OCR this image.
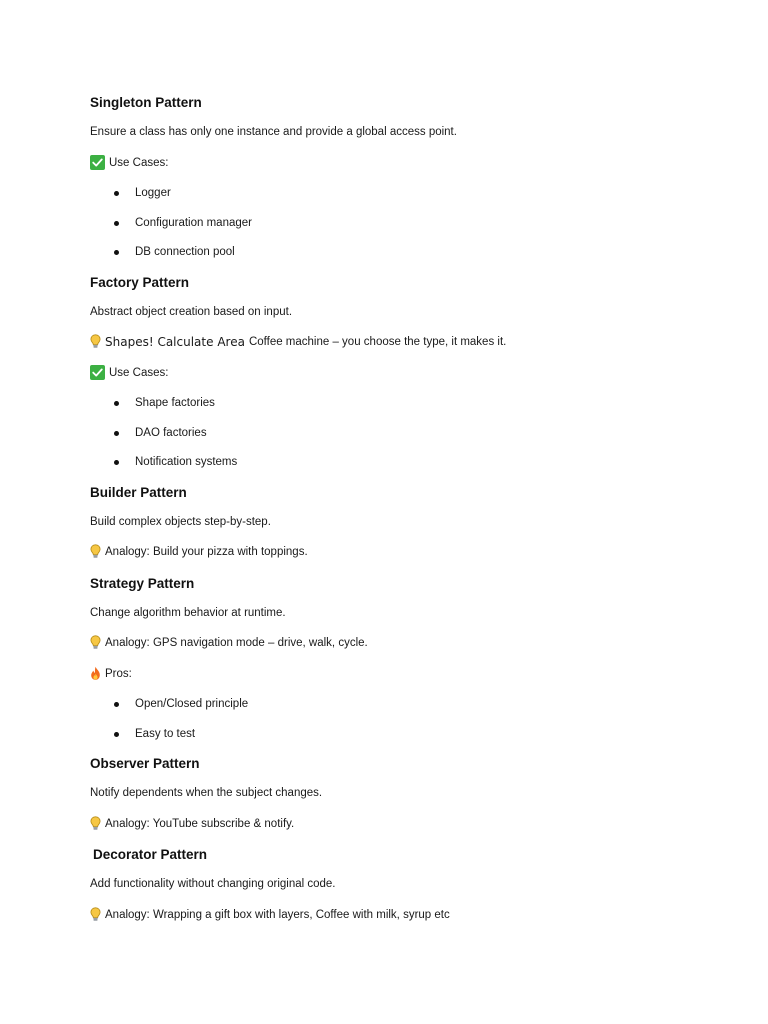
Singleton Pattern

Ensure a class has only one instance and provide a global access point.

Use Cases:
Logger
Configuration manager
DB connection pool
Factory Pattern

Abstract object creation based on input.

Shapes! Calculate Area Coffee machine – you choose the type, it makes it.
Use Cases:
Shape factories
DAO factories
Notification systems
Builder Pattern

Build complex objects step-by-step.

Analogy: Build your pizza with toppings.
Strategy Pattern

Change algorithm behavior at runtime.

Analogy: GPS navigation mode – drive, walk, cycle.
Pros:
Open/Closed principle
Easy to test
Observer Pattern

Notify dependents when the subject changes.

Analogy: YouTube subscribe & notify.
Decorator Pattern

Add functionality without changing original code.

Analogy: Wrapping a gift box with layers, Coffee with milk, syrup etc
